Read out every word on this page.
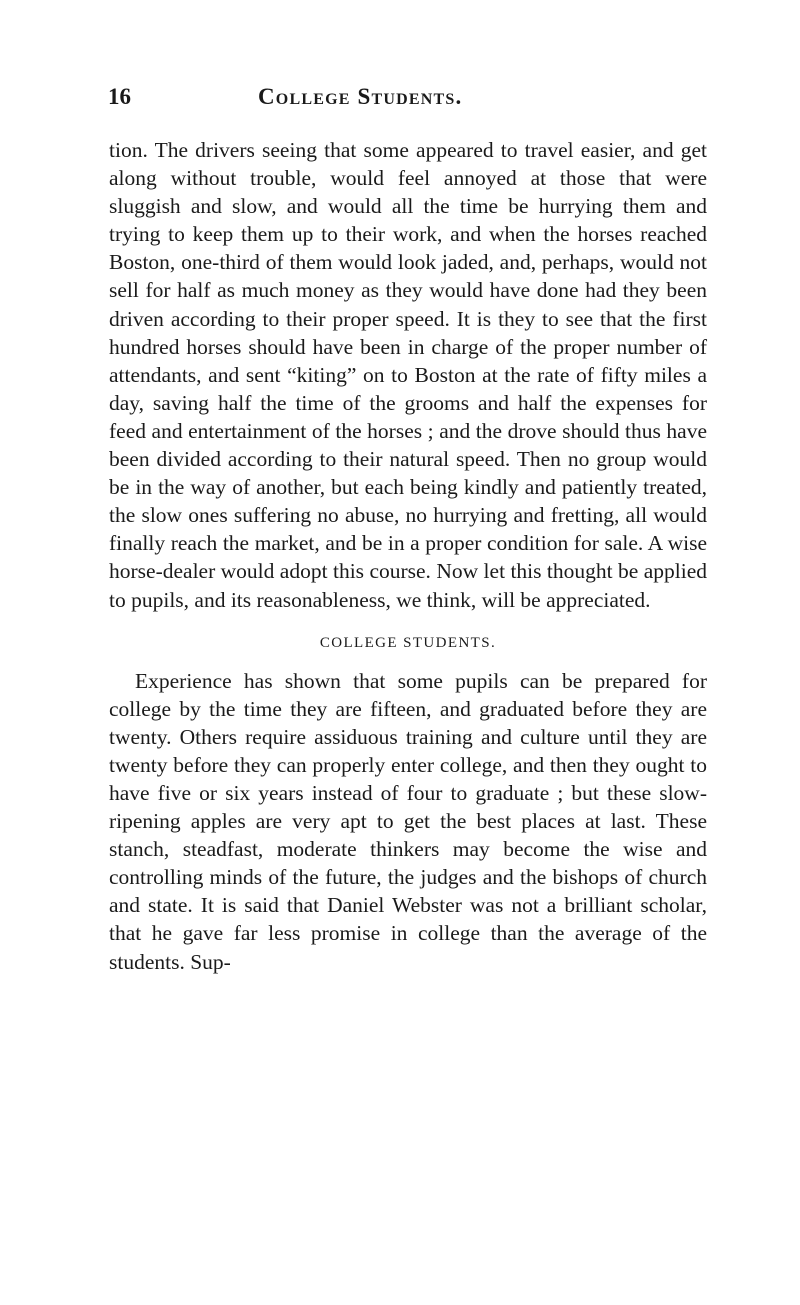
16	College Students.

tion. The drivers seeing that some appeared to travel easier, and get along without trouble, would feel annoyed at those that were sluggish and slow, and would all the time be hurrying them and trying to keep them up to their work, and when the horses reached Boston, one-third of them would look jaded, and, perhaps, would not sell for half as much money as they would have done had they been driven according to their proper speed. It is they to see that the first hundred horses should have been in charge of the proper number of attendants, and sent “kiting” on to Boston at the rate of fifty miles a day, saving half the time of the grooms and half the expenses for feed and entertainment of the horses ; and the drove should thus have been divided according to their natural speed. Then no group would be in the way of another, but each being kindly and patiently treated, the slow ones suffering no abuse, no hurrying and fretting, all would finally reach the market, and be in a proper condition for sale. A wise horse-dealer would adopt this course. Now let this thought be applied to pupils, and its reasonableness, we think, will be appreciated.

COLLEGE STUDENTS.

Experience has shown that some pupils can be prepared for college by the time they are fifteen, and graduated before they are twenty. Others require assiduous training and culture until they are twenty before they can properly enter college, and then they ought to have five or six years instead of four to graduate ; but these slow-ripening apples are very apt to get the best places at last. These stanch, steadfast, moderate thinkers may become the wise and controlling minds of the future, the judges and the bishops of church and state. It is said that Daniel Webster was not a brilliant scholar, that he gave far less promise in college than the average of the students. Sup-
